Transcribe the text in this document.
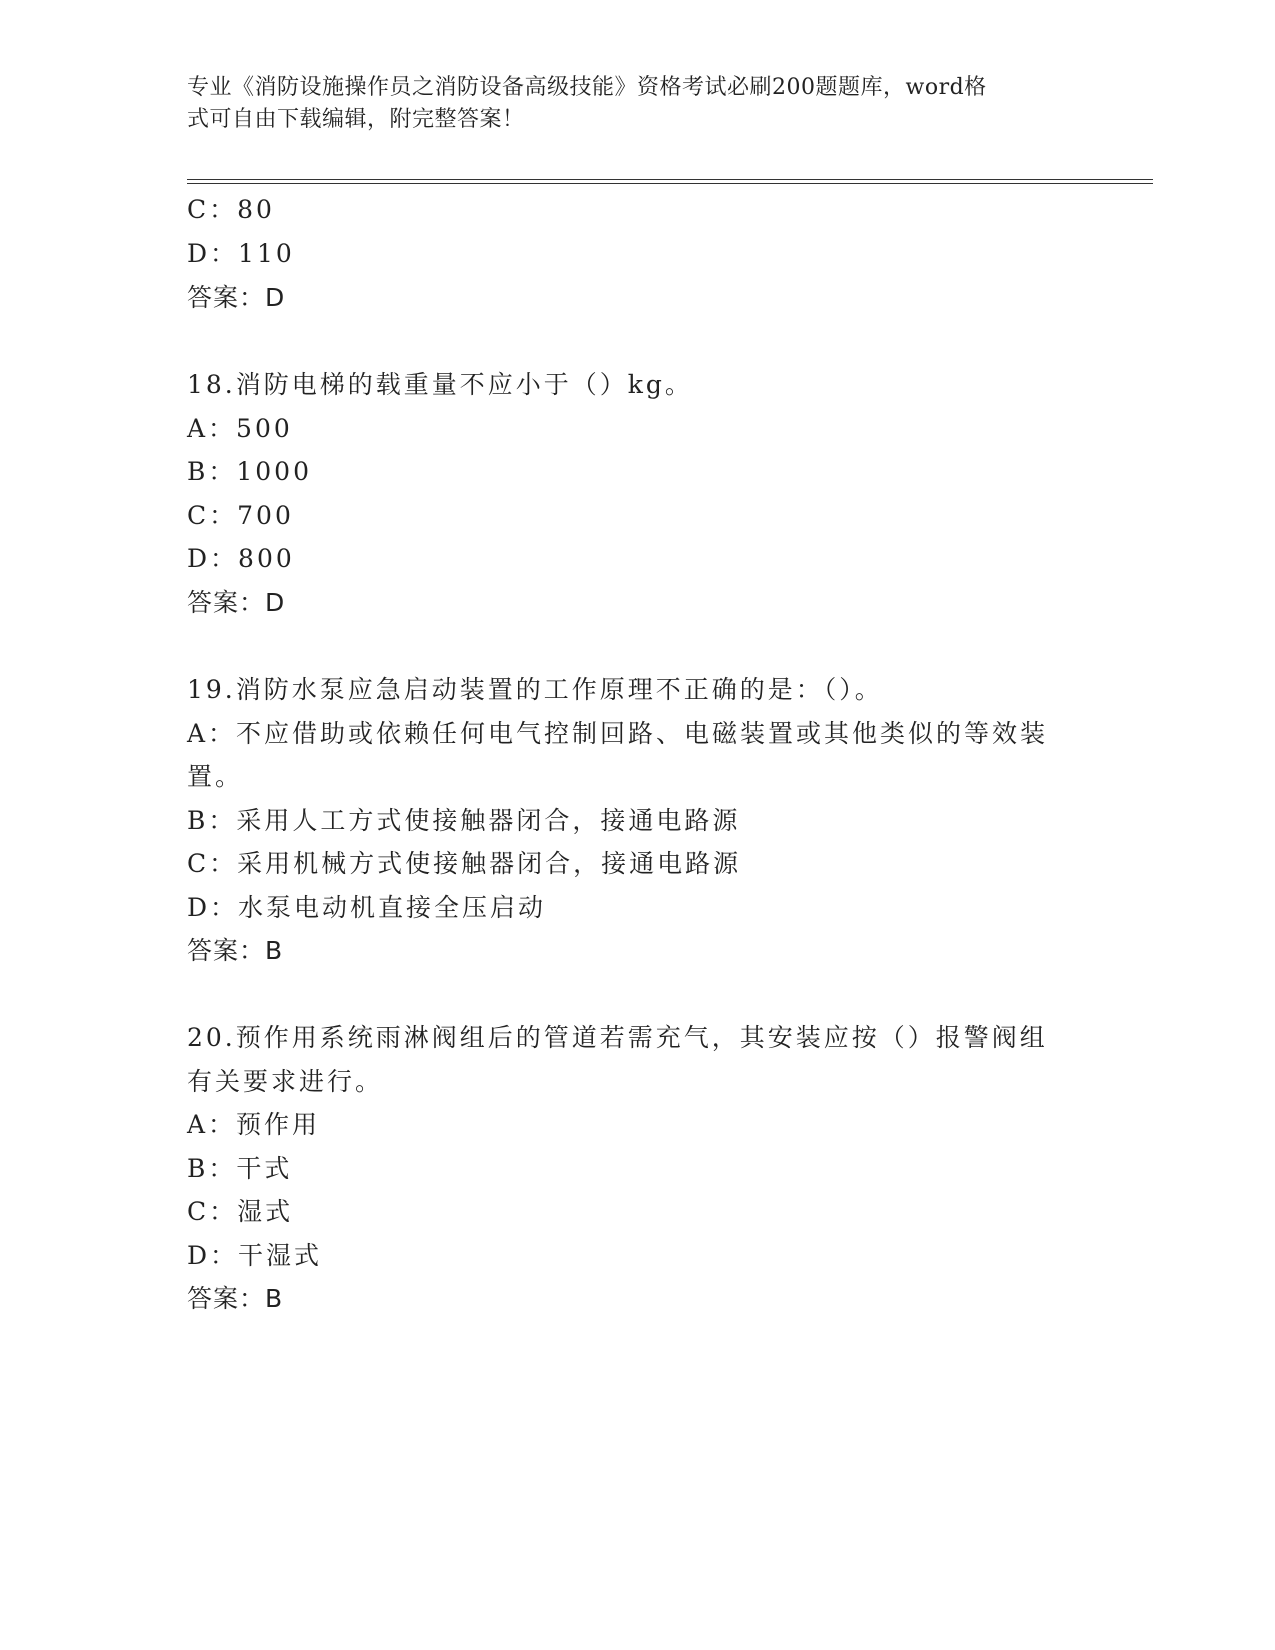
专业《消防设施操作员之消防设备高级技能》资格考试必刷200题题库，word格
式可自由下载编辑，附完整答案！
C：80
D：110
答案：D
18.消防电梯的载重量不应小于（）kg。
A：500
B：1000
C：700
D：800
答案：D
19.消防水泵应急启动装置的工作原理不正确的是：（）。
A：不应借助或依赖任何电气控制回路、电磁装置或其他类似的等效装
置。
B：采用人工方式使接触器闭合，接通电路源
C：采用机械方式使接触器闭合，接通电路源
D：水泵电动机直接全压启动
答案：B
20.预作用系统雨淋阀组后的管道若需充气，其安装应按（）报警阀组
有关要求进行。
A：预作用
B：干式
C：湿式
D：干湿式
答案：B
